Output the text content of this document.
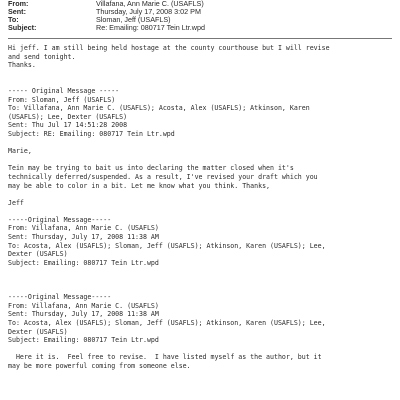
From:	Villafana, Ann Marie C. (USAFLS)
Sent:	Thursday, July 17, 2008 3:02 PM
To:	Sloman, Jeff (USAFLS)
Subject:	Re: Emailing: 080717 Tein Ltr.wpd
Hi jeff. I am still being held hostage at the county courthouse but I will revise
and send tonight.
Thanks.
----- Original Message -----
From: Sloman, Jeff (USAFLS)
To: Villafana, Ann Marie C. (USAFLS); Acosta, Alex (USAFLS); Atkinson, Karen
(USAFLS); Lee, Dexter (USAFLS)
Sent: Thu Jul 17 14:51:28 2008
Subject: RE: Emailing: 080717 Tein Ltr.wpd
Marie,
Tein may be trying to bait us into declaring the matter closed when it's
technically deferred/suspended. As a result, I've revised your draft which you
may be able to color in a bit. Let me know what you think. Thanks,
Jeff
-----Original Message-----
From: Villafana, Ann Marie C. (USAFLS)
Sent: Thursday, July 17, 2008 11:38 AM
To: Acosta, Alex (USAFLS); Sloman, Jeff (USAFLS); Atkinson, Karen (USAFLS); Lee,
Dexter (USAFLS)
Subject: Emailing: 080717 Tein Ltr.wpd
-----Original Message-----
From: Villafana, Ann Marie C. (USAFLS)
Sent: Thursday, July 17, 2008 11:38 AM
To: Acosta, Alex (USAFLS); Sloman, Jeff (USAFLS); Atkinson, Karen (USAFLS); Lee,
Dexter (USAFLS)
Subject: Emailing: 080717 Tein Ltr.wpd
Here it is.  Feel free to revise.  I have listed myself as the author, but it
may be more powerful coming from someone else.
